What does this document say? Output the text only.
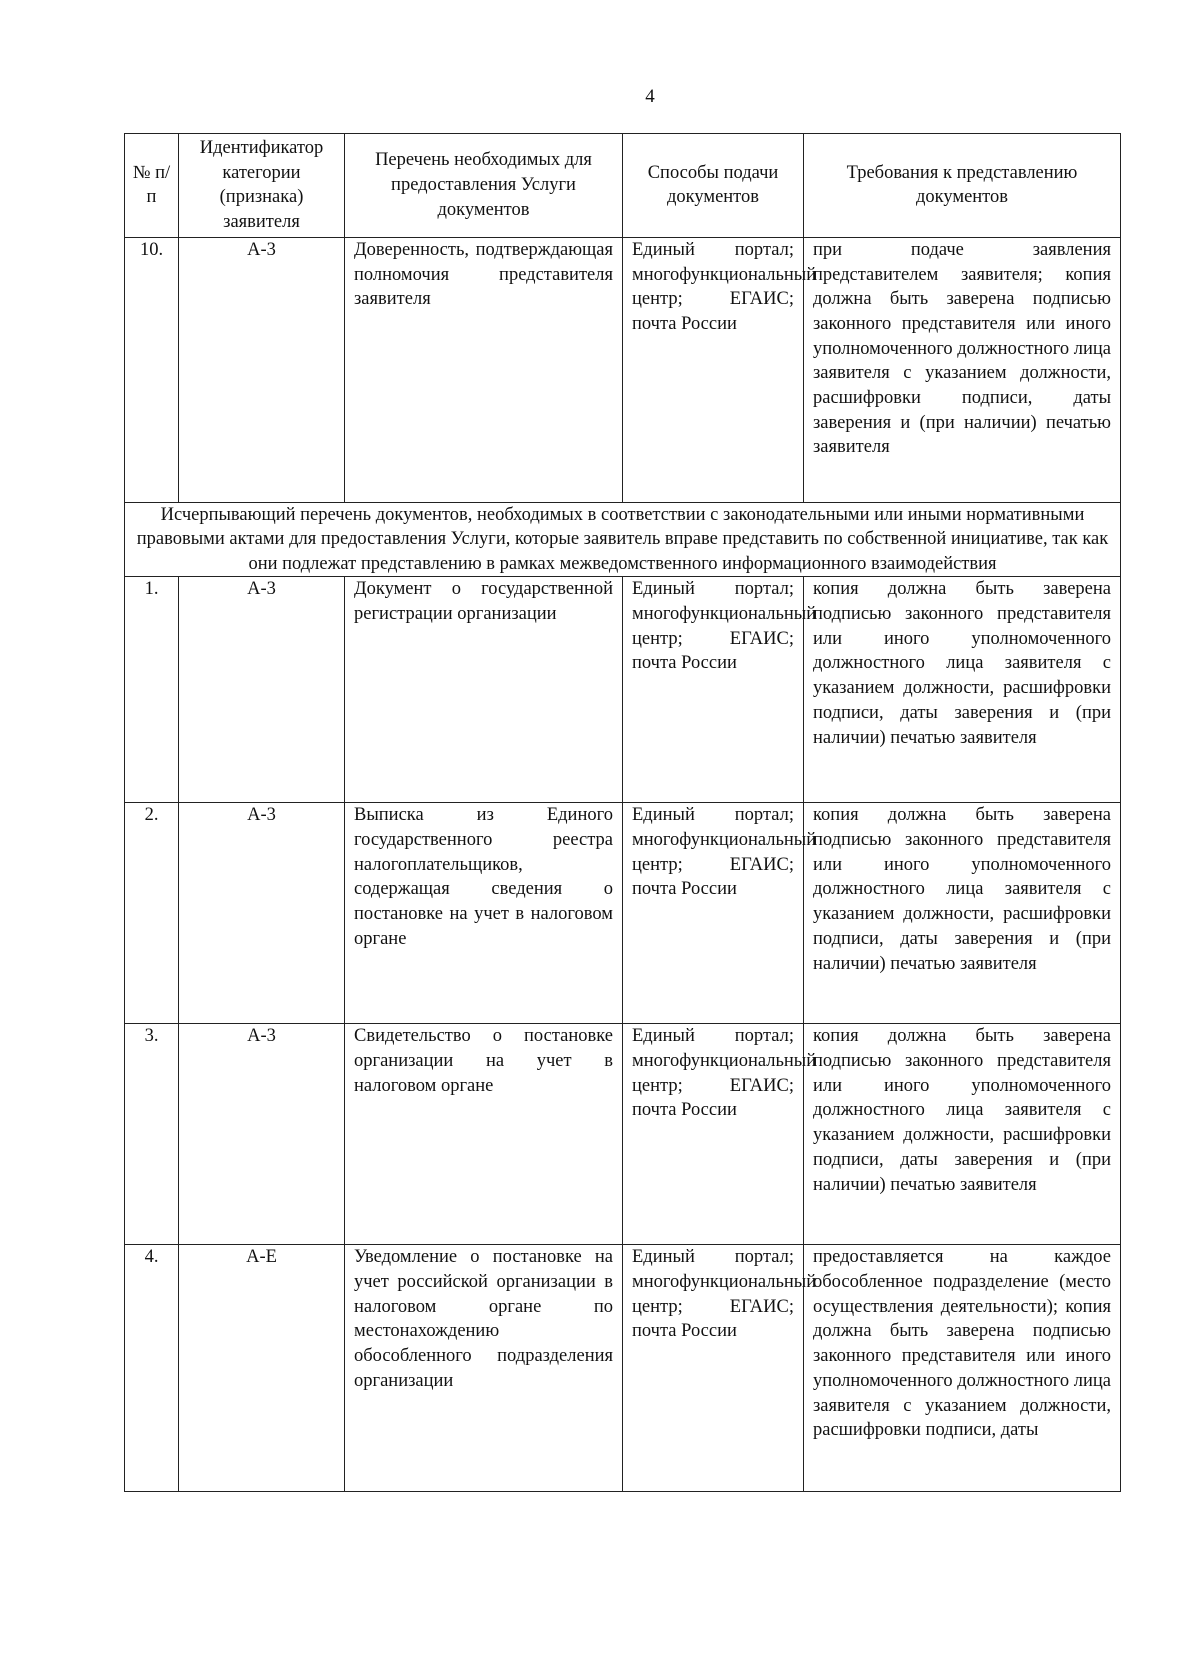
4
№ п/п	Идентификатор категории (признака) заявителя	Перечень необходимых для предоставления Услуги документов	Способы подачи документов	Требования к представлению документов
10.	А-3	Доверенность, подтверждающая полномочия представителя заявителя	Единый портал; многофункциональный центр; ЕГАИС; почта России	при подаче заявления представителем заявителя; копия должна быть заверена подписью законного представителя или иного уполномоченного должностного лица заявителя с указанием должности, расшифровки подписи, даты заверения и (при наличии) печатью заявителя
Исчерпывающий перечень документов, необходимых в соответствии с законодательными или иными нормативными правовыми актами для предоставления Услуги, которые заявитель вправе представить по собственной инициативе, так как они подлежат представлению в рамках межведомственного информационного взаимодействия				
1.	А-3	Документ о государственной регистрации организации	Единый портал; многофункциональный центр; ЕГАИС; почта России	копия должна быть заверена подписью законного представителя или иного уполномоченного должностного лица заявителя с указанием должности, расшифровки подписи, даты заверения и (при наличии) печатью заявителя
2.	А-3	Выписка из Единого государственного реестра налогоплательщиков, содержащая сведения о постановке на учет в налоговом органе	Единый портал; многофункциональный центр; ЕГАИС; почта России	копия должна быть заверена подписью законного представителя или иного уполномоченного должностного лица заявителя с указанием должности, расшифровки подписи, даты заверения и (при наличии) печатью заявителя
3.	А-3	Свидетельство о постановке организации на учет в налоговом органе	Единый портал; многофункциональный центр; ЕГАИС; почта России	копия должна быть заверена подписью законного представителя или иного уполномоченного должностного лица заявителя с указанием должности, расшифровки подписи, даты заверения и (при наличии) печатью заявителя
4.	А-Е	Уведомление о постановке на учет российской организации в налоговом органе по местонахождению обособленного подразделения организации	Единый портал; многофункциональный центр; ЕГАИС; почта России	предоставляется на каждое обособленное подразделение (место осуществления деятельности); копия должна быть заверена подписью законного представителя или иного уполномоченного должностного лица заявителя с указанием должности, расшифровки подписи, даты
